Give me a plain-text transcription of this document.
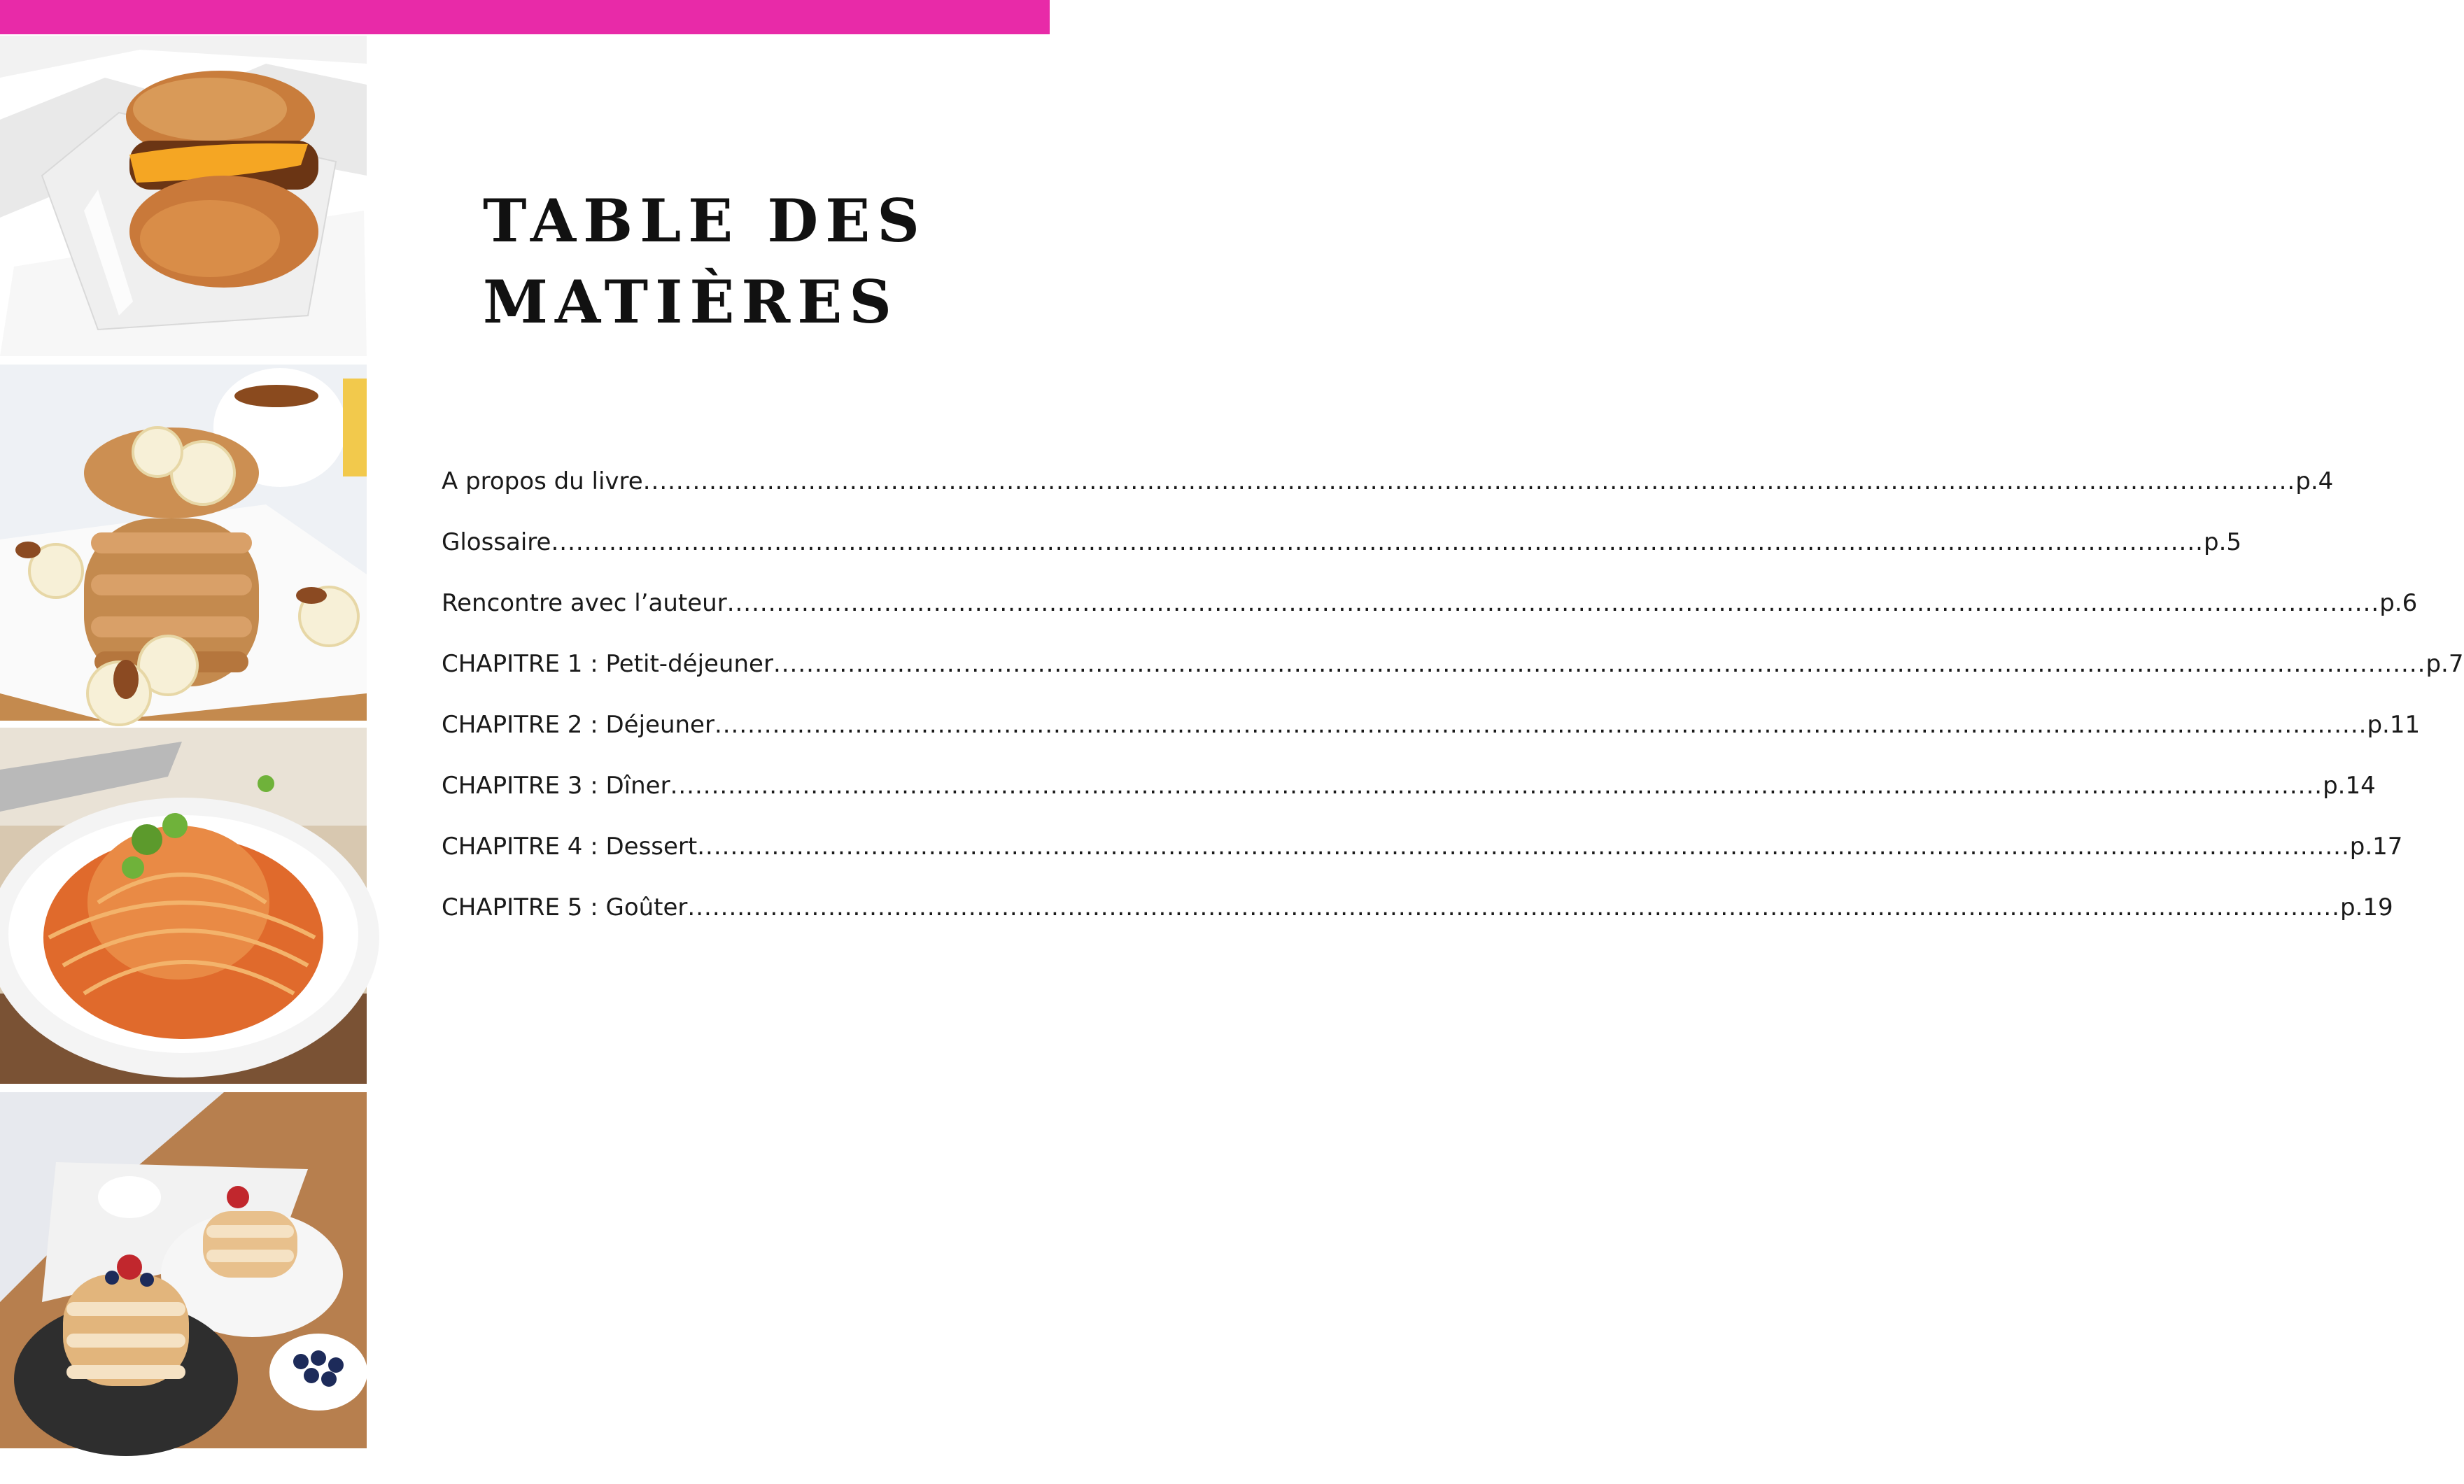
TABLE DES
MATIÈRES
A propos du livre ........................................................................................................................................................................................................ p.4
Glossaire ........................................................................................................................................................................................................ p.5
Rencontre avec l’auteur ........................................................................................................................................................................................................ p.6
CHAPITRE 1 : Petit-déjeuner ........................................................................................................................................................................................................ p.7
CHAPITRE 2 : Déjeuner ........................................................................................................................................................................................................ p.11
CHAPITRE 3 : Dîner ........................................................................................................................................................................................................ p.14
CHAPITRE 4 : Dessert ........................................................................................................................................................................................................ p.17
CHAPITRE 5 : Goûter ........................................................................................................................................................................................................ p.19
